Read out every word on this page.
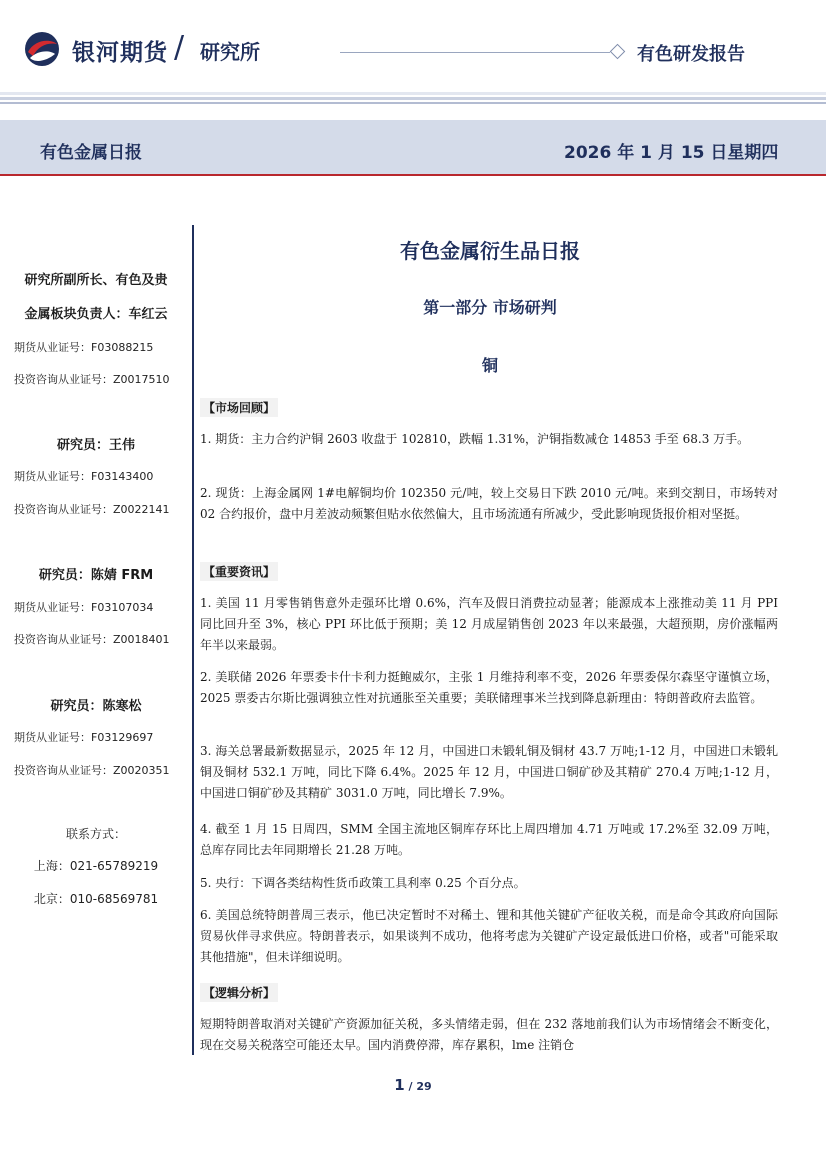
银河期货 / 研究所	有色研发报告
有色金属日报	2026 年 1 月 15 日星期四
研究所副所长、有色及贵
金属板块负责人：车红云
期货从业证号：F03088215
投资咨询从业证号：Z0017510
研究员：王伟
期货从业证号：F03143400
投资咨询从业证号：Z0022141
研究员：陈婧 FRM
期货从业证号：F03107034
投资咨询从业证号：Z0018401
研究员：陈寒松
期货从业证号：F03129697
投资咨询从业证号：Z0020351
联系方式：
上海：021-65789219
北京：010-68569781
有色金属衍生品日报
第一部分 市场研判
铜
【市场回顾】
1. 期货：主力合约沪铜 2603 收盘于 102810，跌幅 1.31%，沪铜指数减仓 14853 手至 68.3 万手。
2. 现货：上海金属网 1#电解铜均价 102350 元/吨，较上交易日下跌 2010 元/吨。来到交割日，市场转对 02 合约报价，盘中月差波动频繁但贴水依然偏大，且市场流通有所减少，受此影响现货报价相对坚挺。
【重要资讯】
1. 美国 11 月零售销售意外走强环比增 0.6%，汽车及假日消费拉动显著；能源成本上涨推动美 11 月 PPI 同比回升至 3%，核心 PPI 环比低于预期；美 12 月成屋销售创 2023 年以来最强，大超预期，房价涨幅两年半以来最弱。
2. 美联储 2026 年票委卡什卡利力挺鲍威尔，主张 1 月维持利率不变，2026 年票委保尔森坚守谨慎立场，2025 票委古尔斯比强调独立性对抗通胀至关重要；美联储理事米兰找到降息新理由：特朗普政府去监管。
3. 海关总署最新数据显示，2025 年 12 月，中国进口未锻轧铜及铜材 43.7 万吨;1-12 月，中国进口未锻轧铜及铜材 532.1 万吨，同比下降 6.4%。2025 年 12 月，中国进口铜矿砂及其精矿 270.4 万吨;1-12 月，中国进口铜矿砂及其精矿 3031.0 万吨，同比增长 7.9%。
4. 截至 1 月 15 日周四，SMM 全国主流地区铜库存环比上周四增加 4.71 万吨或 17.2%至 32.09 万吨，总库存同比去年同期增长 21.28 万吨。
5. 央行：下调各类结构性货币政策工具利率 0.25 个百分点。
6. 美国总统特朗普周三表示，他已决定暂时不对稀土、锂和其他关键矿产征收关税，而是命令其政府向国际贸易伙伴寻求供应。特朗普表示，如果谈判不成功，他将考虑为关键矿产设定最低进口价格，或者"可能采取其他措施"，但未详细说明。
【逻辑分析】
短期特朗普取消对关键矿产资源加征关税，多头情绪走弱，但在 232 落地前我们认为市场情绪会不断变化，现在交易关税落空可能还太早。国内消费停滞，库存累积，lme 注销仓
1 / 29
